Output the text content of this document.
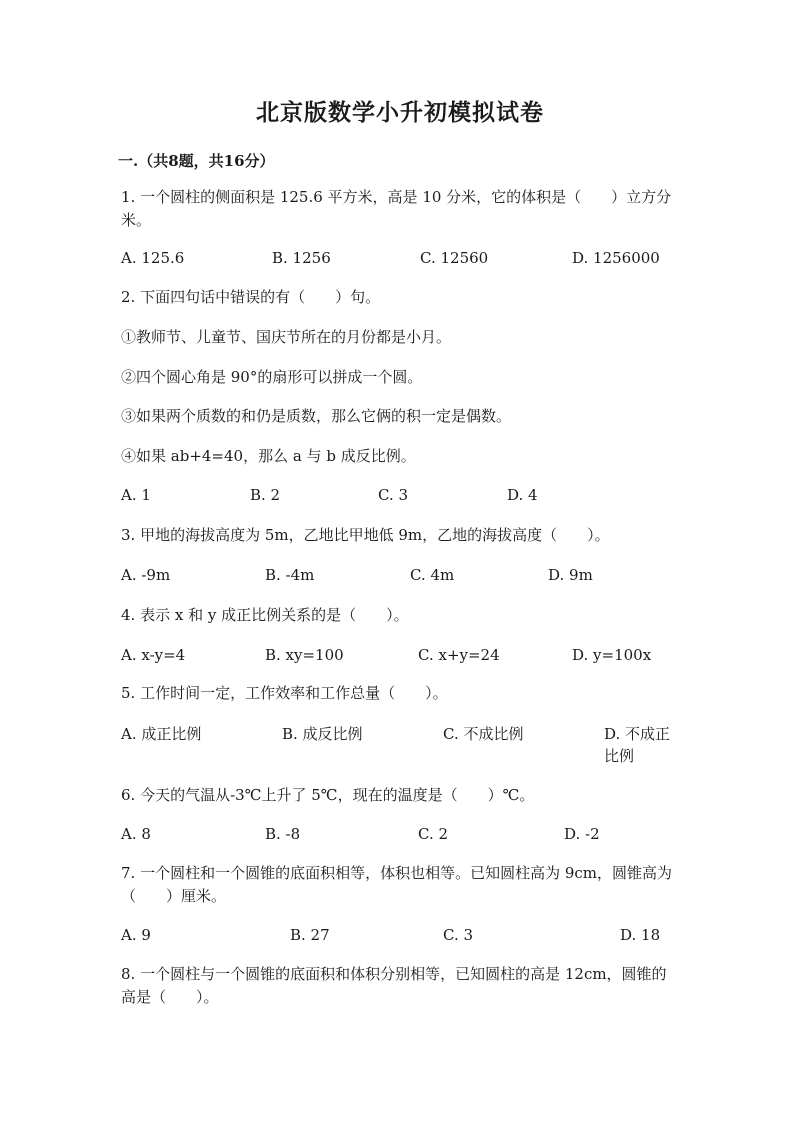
北京版数学小升初模拟试卷
一.（共8题，共16分）
1. 一个圆柱的侧面积是 125.6 平方米，高是 10 分米，它的体积是（　　）立方分米。
A. 125.6	B. 1256	C. 12560	D. 1256000
2. 下面四句话中错误的有（　　）句。
①教师节、儿童节、国庆节所在的月份都是小月。
②四个圆心角是 90°的扇形可以拼成一个圆。
③如果两个质数的和仍是质数，那么它俩的积一定是偶数。
④如果 ab+4=40，那么 a 与 b 成反比例。
A. 1	B. 2	C. 3	D. 4
3. 甲地的海拔高度为 5m，乙地比甲地低 9m，乙地的海拔高度（　　）。
A. -9m	B. -4m	C. 4m	D. 9m
4. 表示 x 和 y 成正比例关系的是（　　）。
A. x-y=4	B. xy=100	C. x+y=24	D. y=100x
5. 工作时间一定，工作效率和工作总量（　　）。
A. 成正比例	B. 成反比例	C. 不成比例	D. 不成正比例
6. 今天的气温从-3℃上升了 5℃，现在的温度是（　　）℃。
A. 8	B. -8	C. 2	D. -2
7. 一个圆柱和一个圆锥的底面积相等，体积也相等。已知圆柱高为 9cm，圆锥高为（　　）厘米。
A. 9	B. 27	C. 3	D. 18
8. 一个圆柱与一个圆锥的底面积和体积分别相等，已知圆柱的高是 12cm，圆锥的高是（　　）。
